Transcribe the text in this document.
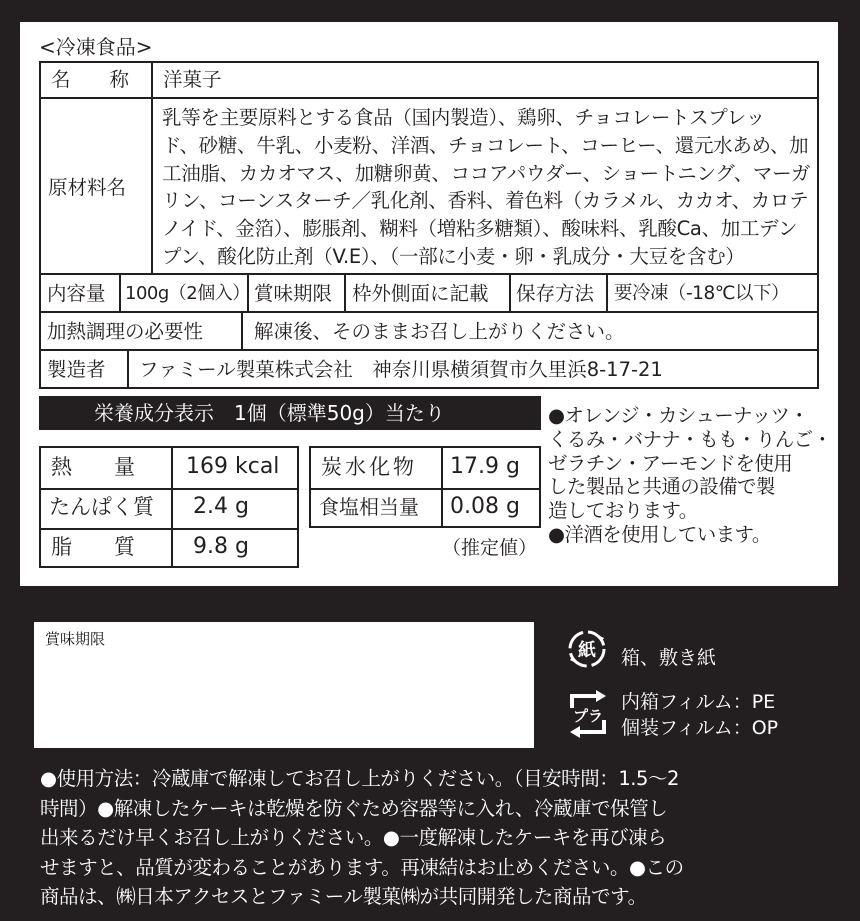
<冷凍食品>
名　　称 洋菓子
原材料名
乳等を主要原料とする食品（国内製造）、鶏卵、チョコレートスプレッ
ド、砂糖、牛乳、小麦粉、洋酒、チョコレート、コーヒー、還元水あめ、加
工油脂、カカオマス、加糖卵黄、ココアパウダー、ショートニング、マーガ
リン、コーンスターチ／乳化剤、香料、着色料（カラメル、カカオ、カロテ
ノイド、金箔）、膨脹剤、糊料（増粘多糖類）、酸味料、乳酸Ca、加工デン
プン、酸化防止剤（V.E）、（一部に小麦・卵・乳成分・大豆を含む）
内容量 100g（2個入） 賞味期限 枠外側面に記載 保存方法 要冷凍（-18℃以下）
加熱調理の必要性	解凍後、そのままお召し上がりください。
製造者 ファミール製菓株式会社　神奈川県横須賀市久里浜8-17-21
栄養成分表示　1個（標準50g）当たり
熱　　量 169 kcal
たんぱく質 2.4 g
脂　　質	9.8 g
炭水化物 17.9 g
食塩相当量 0.08 g
（推定値）
●オレンジ・カシューナッツ・
くるみ・バナナ・もも・りんご・
ゼラチン・アーモンドを使用
した製品と共通の設備で製
造しております。
●洋酒を使用しています。
賞味期限
紙 箱、敷き紙
プラ
内箱フィルム：PE
個装フィルム：OP
●使用方法：冷蔵庫で解凍してお召し上がりください。（目安時間：1.5〜2
時間）●解凍したケーキは乾燥を防ぐため容器等に入れ、冷蔵庫で保管し
出来るだけ早くお召し上がりください。●一度解凍したケーキを再び凍ら
せますと、品質が変わることがあります。再凍結はお止めください。●この
商品は、㈱日本アクセスとファミール製菓㈱が共同開発した商品です。
